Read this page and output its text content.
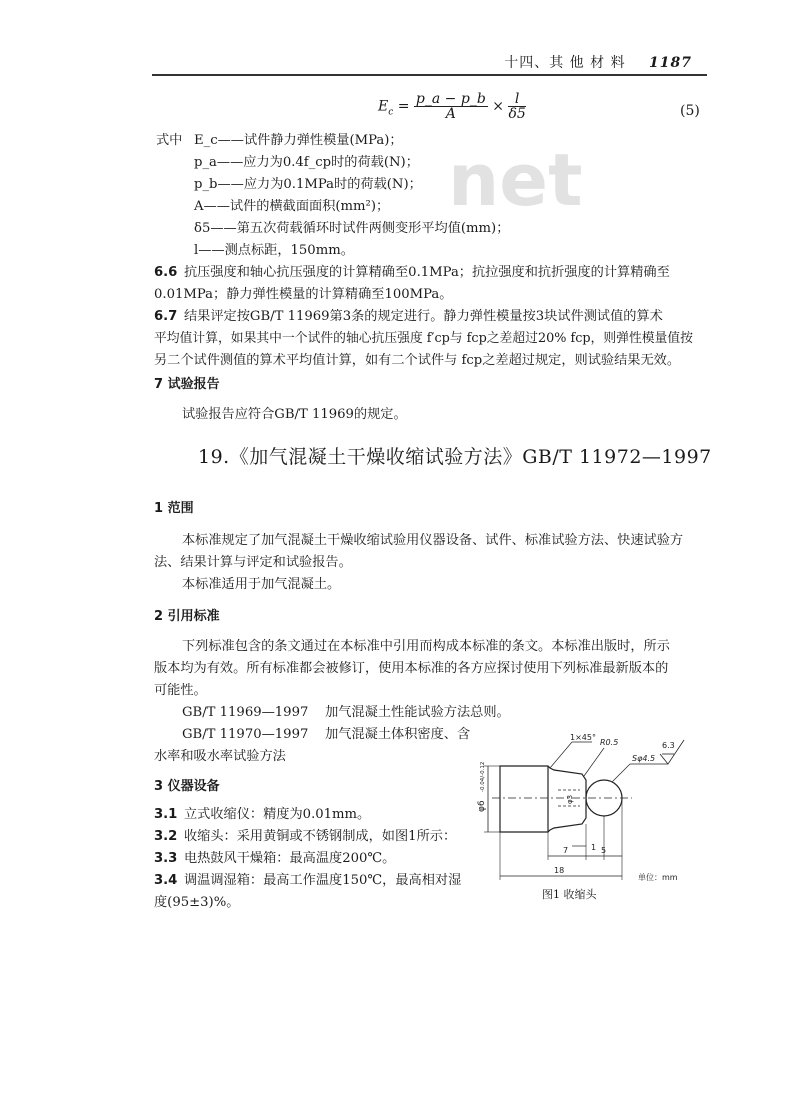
十四、其 他 材 料 1187
net
$E_c = \frac{p\_a - p\_b}{A} \times \frac{l}{\delta 5}$	(5)
式中 E_c——试件静力弹性模量(MPa)；
p_a——应力为0.4f_cp时的荷载(N)；
p_b——应力为0.1MPa时的荷载(N)；
A——试件的横截面面积(mm²)；
δ5——第五次荷载循环时试件两侧变形平均值(mm)；
l——测点标距，150mm。
6.6 抗压强度和轴心抗压强度的计算精确至0.1MPa；抗拉强度和抗折强度的计算精确至
0.01MPa；静力弹性模量的计算精确至100MPa。
6.7 结果评定按GB/T 11969第3条的规定进行。静力弹性模量按3块试件测试值的算术
平均值计算，如果其中一个试件的轴心抗压强度 f′cp与 fcp之差超过20% fcp，则弹性模量值按
另二个试件测值的算术平均值计算，如有二个试件与 fcp之差超过规定，则试验结果无效。
7 试验报告
试验报告应符合GB/T 11969的规定。
19.《加气混凝土干燥收缩试验方法》GB/T 11972—1997
1 范围
本标准规定了加气混凝土干燥收缩试验用仪器设备、试件、标准试验方法、快速试验方
法、结果计算与评定和试验报告。
本标准适用于加气混凝土。
2 引用标准
下列标准包含的条文通过在本标准中引用而构成本标准的条文。本标准出版时，所示
版本均为有效。所有标准都会被修订，使用本标准的各方应探讨使用下列标准最新版本的
可能性。
GB/T 11969—1997    加气混凝土性能试验方法总则。
GB/T 11970—1997    加气混凝土体积密度、含
水率和吸水率试验方法
3 仪器设备
3.1 立式收缩仪：精度为0.01mm。
3.2 收缩头：采用黄铜或不锈钢制成，如图1所示：
3.3 电热鼓风干燥箱：最高温度200℃。
3.4 调温调湿箱：最高工作温度150℃，最高相对湿
度(95±3)%。
1×45°
R0.5
Sφ4.5
6.3
φ6
-0.04/-0.12
φ3
1
7	5
18
单位：mm
图1 收缩头
